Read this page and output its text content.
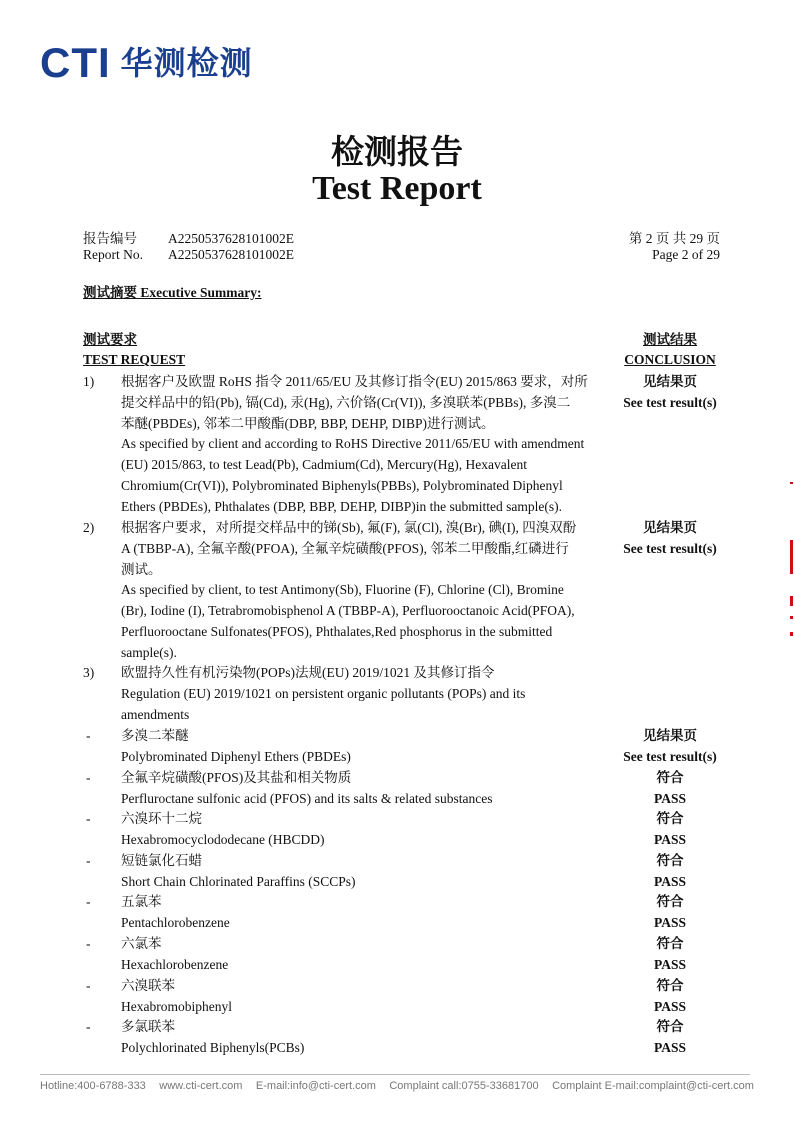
CTI 华测检测
检测报告
Test Report
报告编号 A2250537628101002E
Report No. A2250537628101002E
第 2 页 共 29 页
Page 2 of 29
测试摘要 Executive Summary:
测试要求
TEST REQUEST
测试结果
CONCLUSION
1) 根据客户及欧盟 RoHS 指令 2011/65/EU 及其修订指令(EU) 2015/863 要求，对所
提交样品中的铅(Pb), 镉(Cd), 汞(Hg), 六价铬(Cr(VI)), 多溴联苯(PBBs), 多溴二
苯醚(PBDEs), 邻苯二甲酸酯(DBP, BBP, DEHP, DIBP)进行测试。
As specified by client and according to RoHS Directive 2011/65/EU with amendment
(EU) 2015/863, to test Lead(Pb), Cadmium(Cd), Mercury(Hg), Hexavalent
Chromium(Cr(VI)), Polybrominated Biphenyls(PBBs), Polybrominated Diphenyl
Ethers (PBDEs), Phthalates (DBP, BBP, DEHP, DIBP)in the submitted sample(s).
见结果页
See test result(s)
2) 根据客户要求，对所提交样品中的锑(Sb), 氟(F), 氯(Cl), 溴(Br), 碘(I), 四溴双酚
A (TBBP-A), 全氟辛酸(PFOA), 全氟辛烷磺酸(PFOS), 邻苯二甲酸酯,红磷进行
测试。
As specified by client, to test Antimony(Sb), Fluorine (F), Chlorine (Cl), Bromine
(Br), Iodine (I), Tetrabromobisphenol A (TBBP-A), Perfluorooctanoic Acid(PFOA),
Perfluorooctane Sulfonates(PFOS), Phthalates,Red phosphorus in the submitted
sample(s).
见结果页
See test result(s)
3) 欧盟持久性有机污染物(POPs)法规(EU) 2019/1021 及其修订指令
Regulation (EU) 2019/1021 on persistent organic pollutants (POPs) and its
amendments
- 多溴二苯醚
Polybrominated Diphenyl Ethers (PBDEs)
见结果页
See test result(s)
- 全氟辛烷磺酸(PFOS)及其盐和相关物质
Perfluroctane sulfonic acid (PFOS) and its salts & related substances
符合
PASS
- 六溴环十二烷
Hexabromocyclododecane (HBCDD)
符合
PASS
- 短链氯化石蜡
Short Chain Chlorinated Paraffins (SCCPs)
符合
PASS
- 五氯苯
Pentachlorobenzene
符合
PASS
- 六氯苯
Hexachlorobenzene
符合
PASS
- 六溴联苯
Hexabromobiphenyl
符合
PASS
- 多氯联苯
Polychlorinated Biphenyls(PCBs)
符合
PASS
Hotline:400-6788-333 www.cti-cert.com E-mail:info@cti-cert.com Complaint call:0755-33681700 Complaint E-mail:complaint@cti-cert.com
